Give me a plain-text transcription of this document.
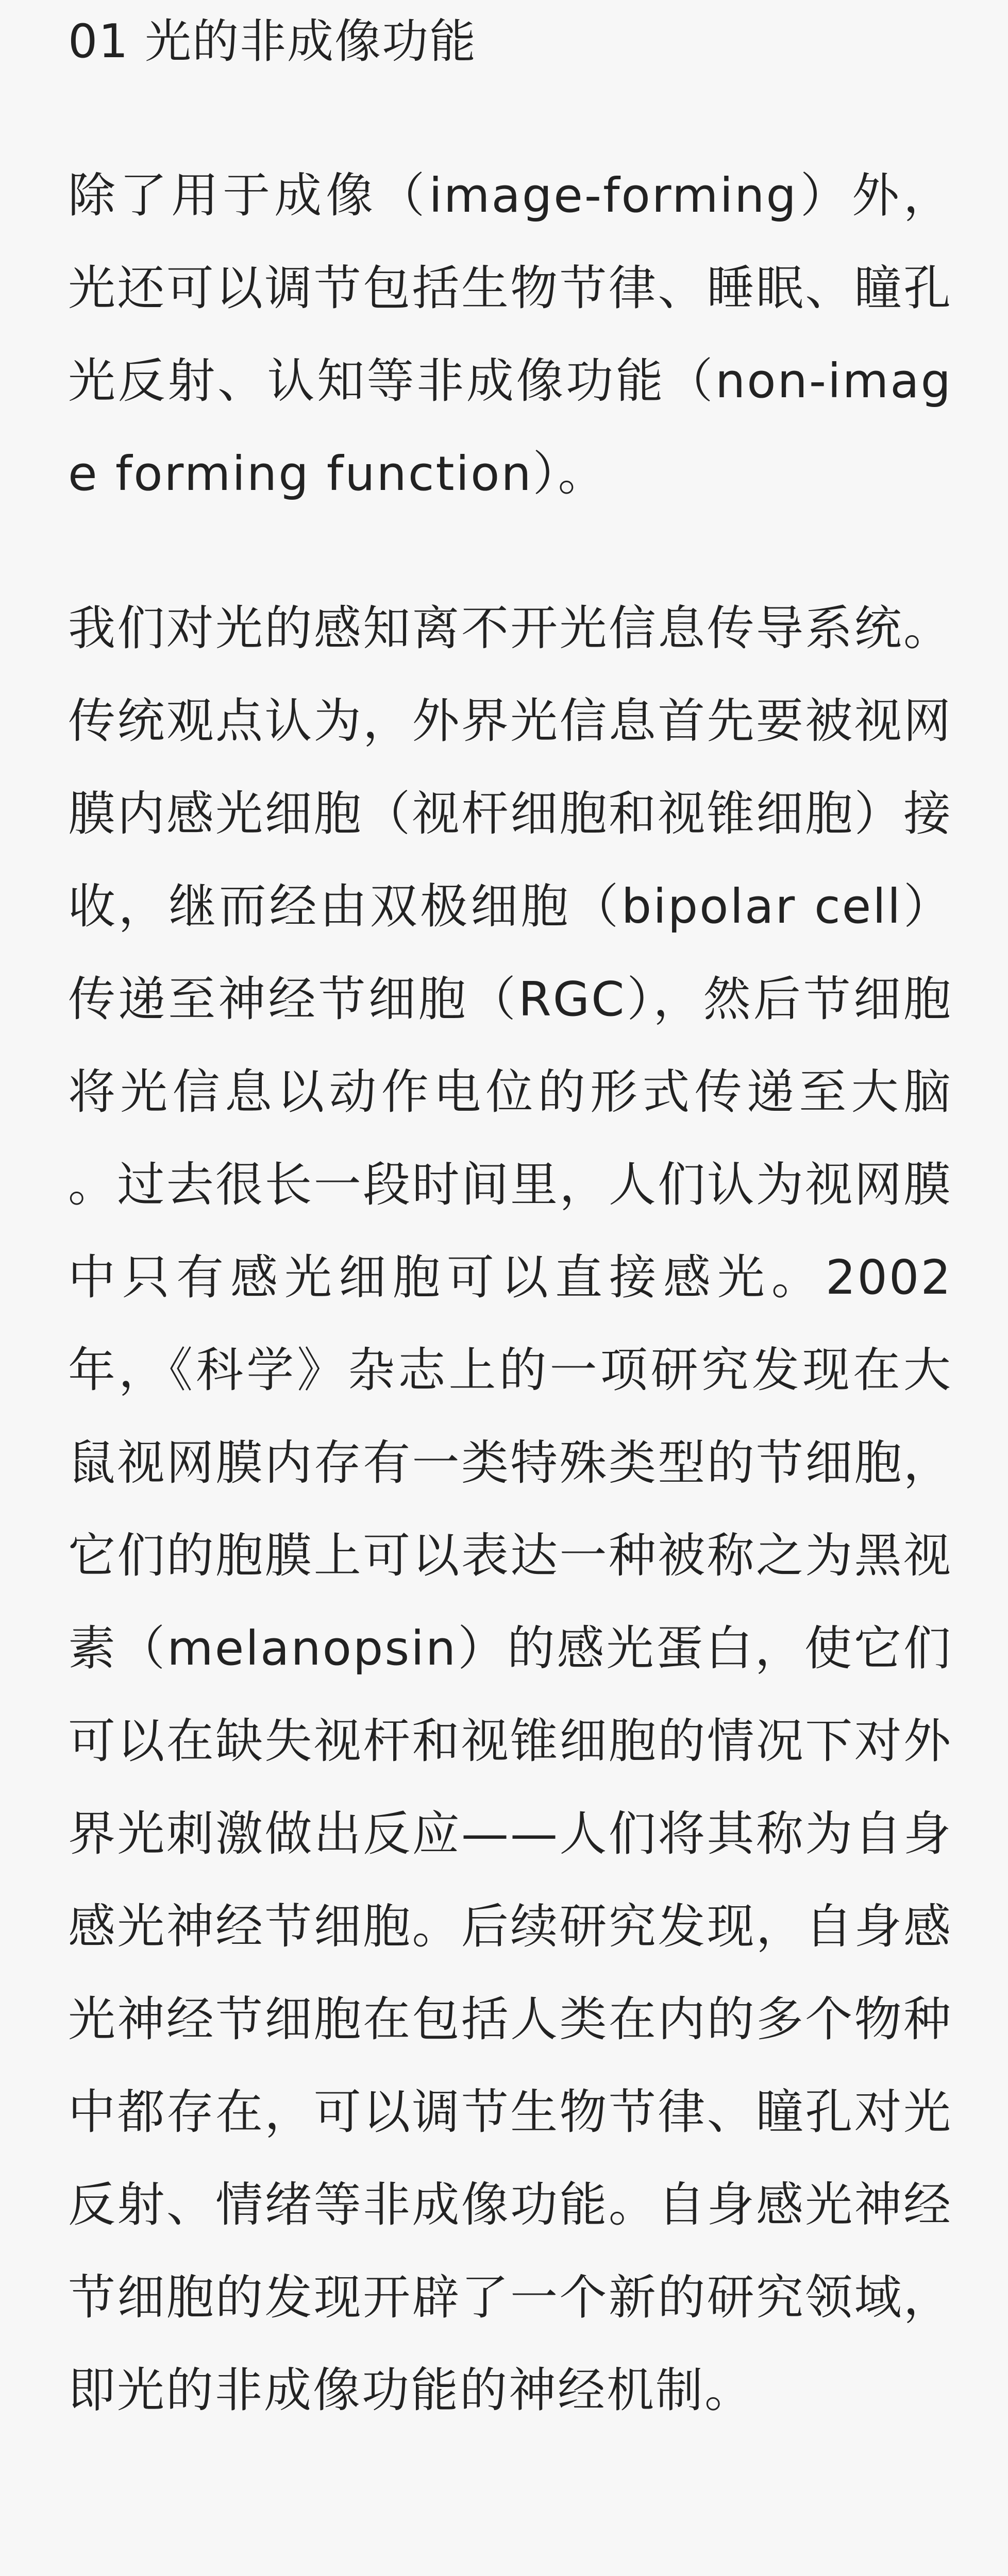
01 光的非成像功能

除了用于成像（image-forming）外，光还可以调节包括生物节律、睡眠、瞳孔光反射、认知等非成像功能（non-image forming function）。

我们对光的感知离不开光信息传导系统。传统观点认为，外界光信息首先要被视网膜内感光细胞（视杆细胞和视锥细胞）接收，继而经由双极细胞（bipolar cell）传递至神经节细胞（RGC），然后节细胞将光信息以动作电位的形式传递至大脑 。过去很长一段时间里，人们认为视网膜中只有感光细胞可以直接感光。2002年，《科学》杂志上的一项研究发现在大鼠视网膜内存有一类特殊类型的节细胞，它们的胞膜上可以表达一种被称之为黑视素（melanopsin）的感光蛋白，使它们可以在缺失视杆和视锥细胞的情况下对外界光刺激做出反应——人们将其称为自身感光神经节细胞。后续研究发现，自身感光神经节细胞在包括人类在内的多个物种中都存在，可以调节生物节律、瞳孔对光反射、情绪等非成像功能。自身感光神经节细胞的发现开辟了一个新的研究领域，即光的非成像功能的神经机制。
